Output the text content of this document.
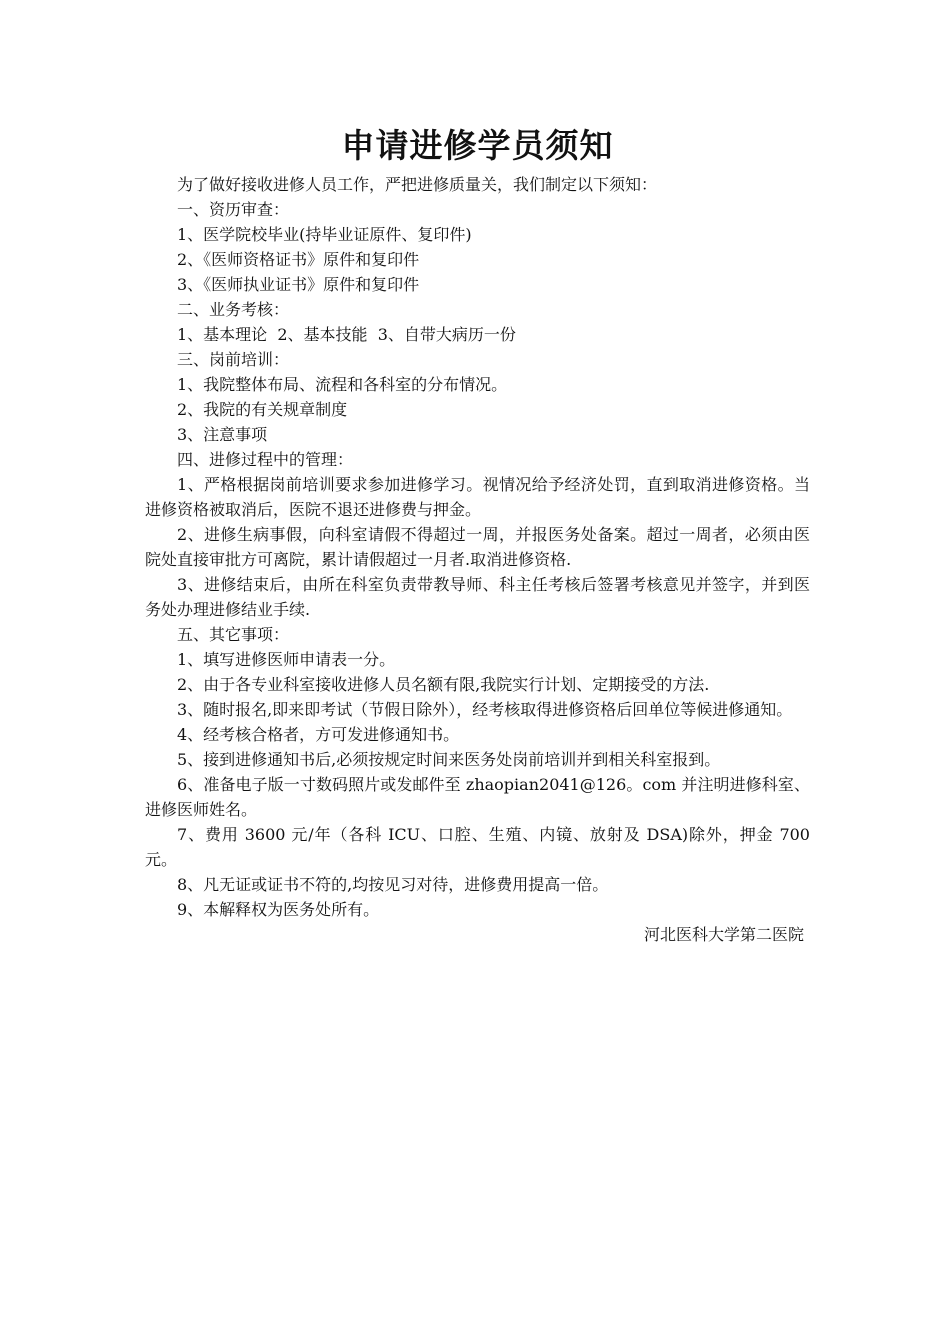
申请进修学员须知

为了做好接收进修人员工作，严把进修质量关，我们制定以下须知：

一、资历审查：

1、医学院校毕业(持毕业证原件、复印件)

2、《医师资格证书》原件和复印件

3、《医师执业证书》原件和复印件

二、业务考核：

1、基本理论  2、基本技能  3、自带大病历一份

三、岗前培训：

1、我院整体布局、流程和各科室的分布情况。

2、我院的有关规章制度

3、注意事项

四、进修过程中的管理：

1、严格根据岗前培训要求参加进修学习。视情况给予经济处罚，直到取消进修资格。当进修资格被取消后，医院不退还进修费与押金。

2、进修生病事假，向科室请假不得超过一周，并报医务处备案。超过一周者，必须由医院处直接审批方可离院，累计请假超过一月者.取消进修资格.

3、进修结束后，由所在科室负责带教导师、科主任考核后签署考核意见并签字，并到医务处办理进修结业手续.

五、其它事项：

1、填写进修医师申请表一分。

2、由于各专业科室接收进修人员名额有限,我院实行计划、定期接受的方法.

3、随时报名,即来即考试（节假日除外），经考核取得进修资格后回单位等候进修通知。

4、经考核合格者，方可发进修通知书。

5、接到进修通知书后,必须按规定时间来医务处岗前培训并到相关科室报到。

6、准备电子版一寸数码照片或发邮件至 zhaopian2041@126。com 并注明进修科室、进修医师姓名。

7、费用 3600 元/年（各科 ICU、口腔、生殖、内镜、放射及 DSA)除外，押金 700 元。

8、凡无证或证书不符的,均按见习对待，进修费用提高一倍。

9、本解释权为医务处所有。

河北医科大学第二医院
